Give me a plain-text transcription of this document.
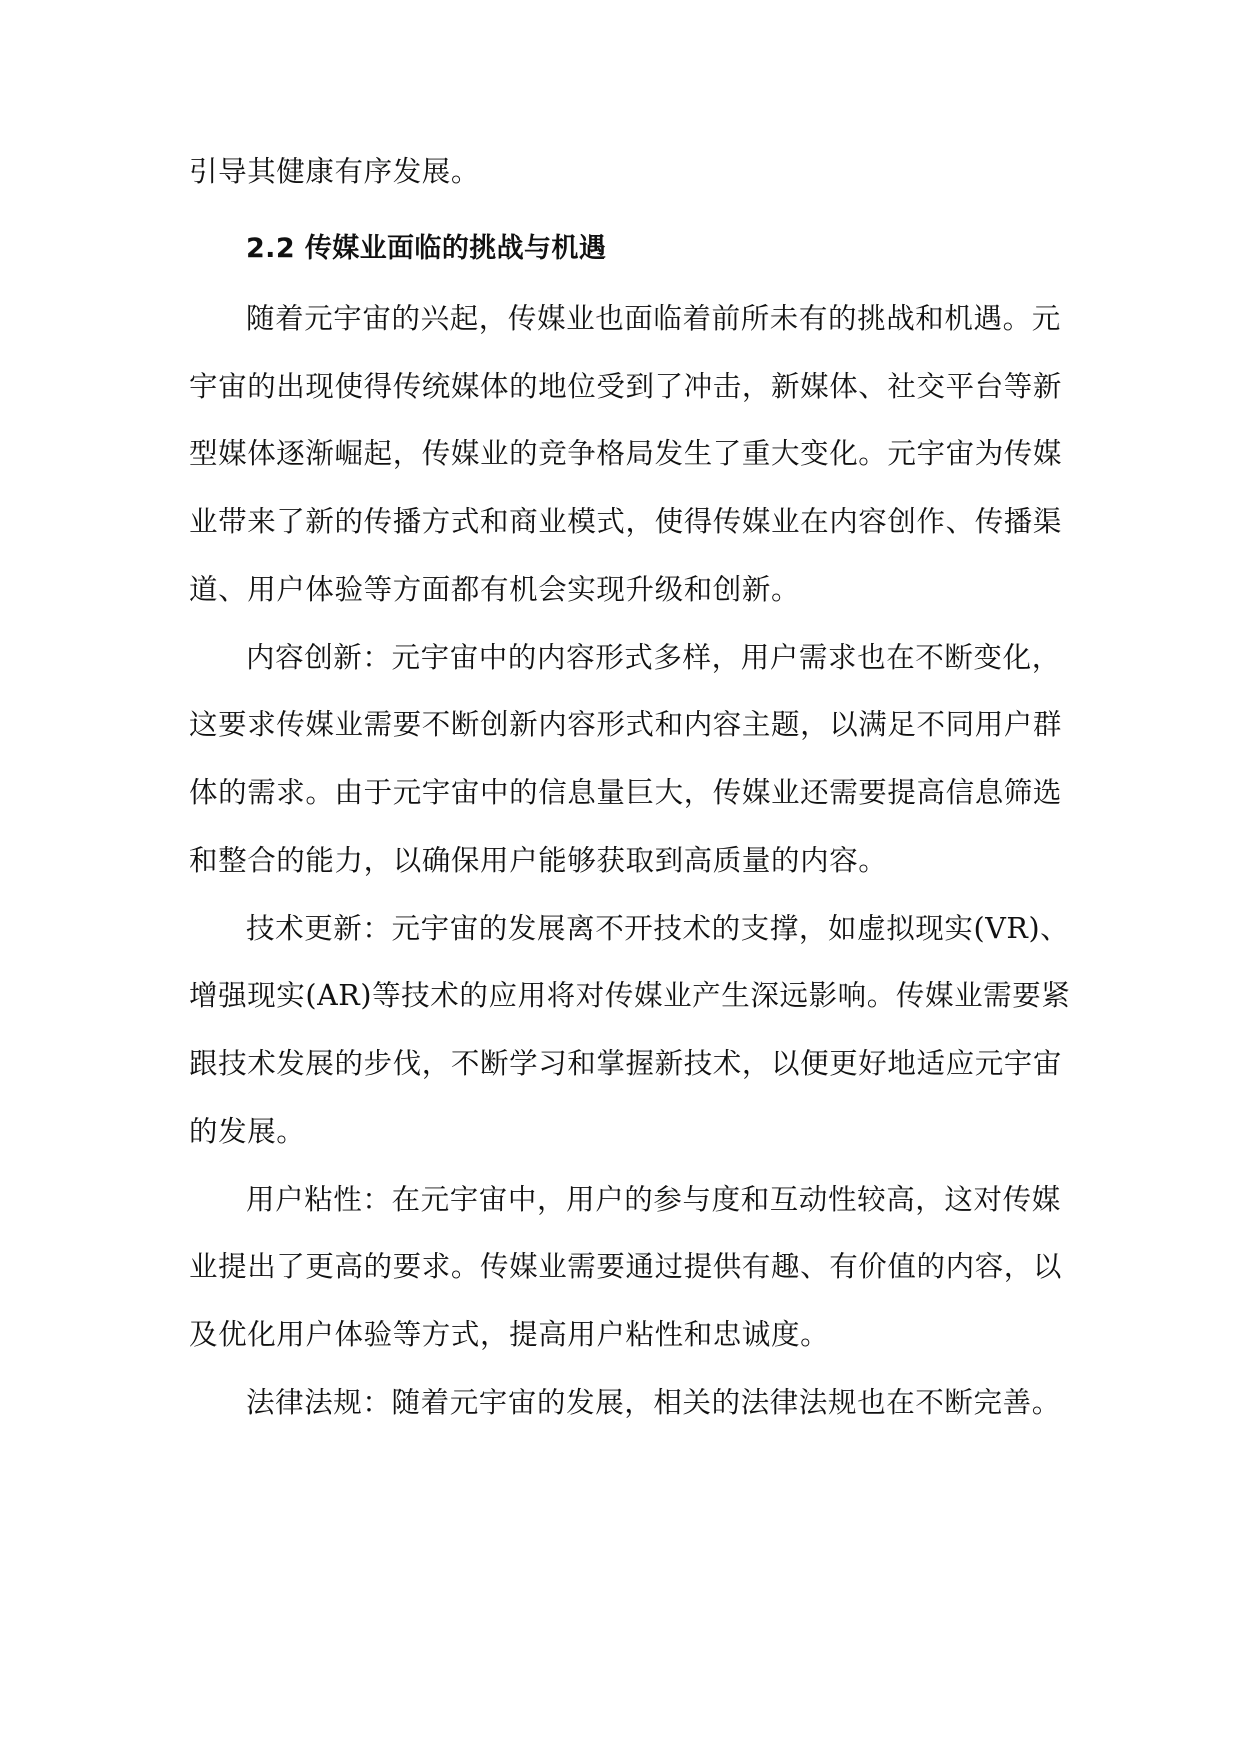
引导其健康有序发展。
2.2 传媒业面临的挑战与机遇
随着元宇宙的兴起，传媒业也面临着前所未有的挑战和机遇。元
宇宙的出现使得传统媒体的地位受到了冲击，新媒体、社交平台等新
型媒体逐渐崛起，传媒业的竞争格局发生了重大变化。元宇宙为传媒
业带来了新的传播方式和商业模式，使得传媒业在内容创作、传播渠
道、用户体验等方面都有机会实现升级和创新。
内容创新：元宇宙中的内容形式多样，用户需求也在不断变化，
这要求传媒业需要不断创新内容形式和内容主题，以满足不同用户群
体的需求。由于元宇宙中的信息量巨大，传媒业还需要提高信息筛选
和整合的能力，以确保用户能够获取到高质量的内容。
技术更新：元宇宙的发展离不开技术的支撑，如虚拟现实(VR)、
增强现实(AR)等技术的应用将对传媒业产生深远影响。传媒业需要紧
跟技术发展的步伐，不断学习和掌握新技术，以便更好地适应元宇宙
的发展。
用户粘性：在元宇宙中，用户的参与度和互动性较高，这对传媒
业提出了更高的要求。传媒业需要通过提供有趣、有价值的内容，以
及优化用户体验等方式，提高用户粘性和忠诚度。
法律法规：随着元宇宙的发展，相关的法律法规也在不断完善。
